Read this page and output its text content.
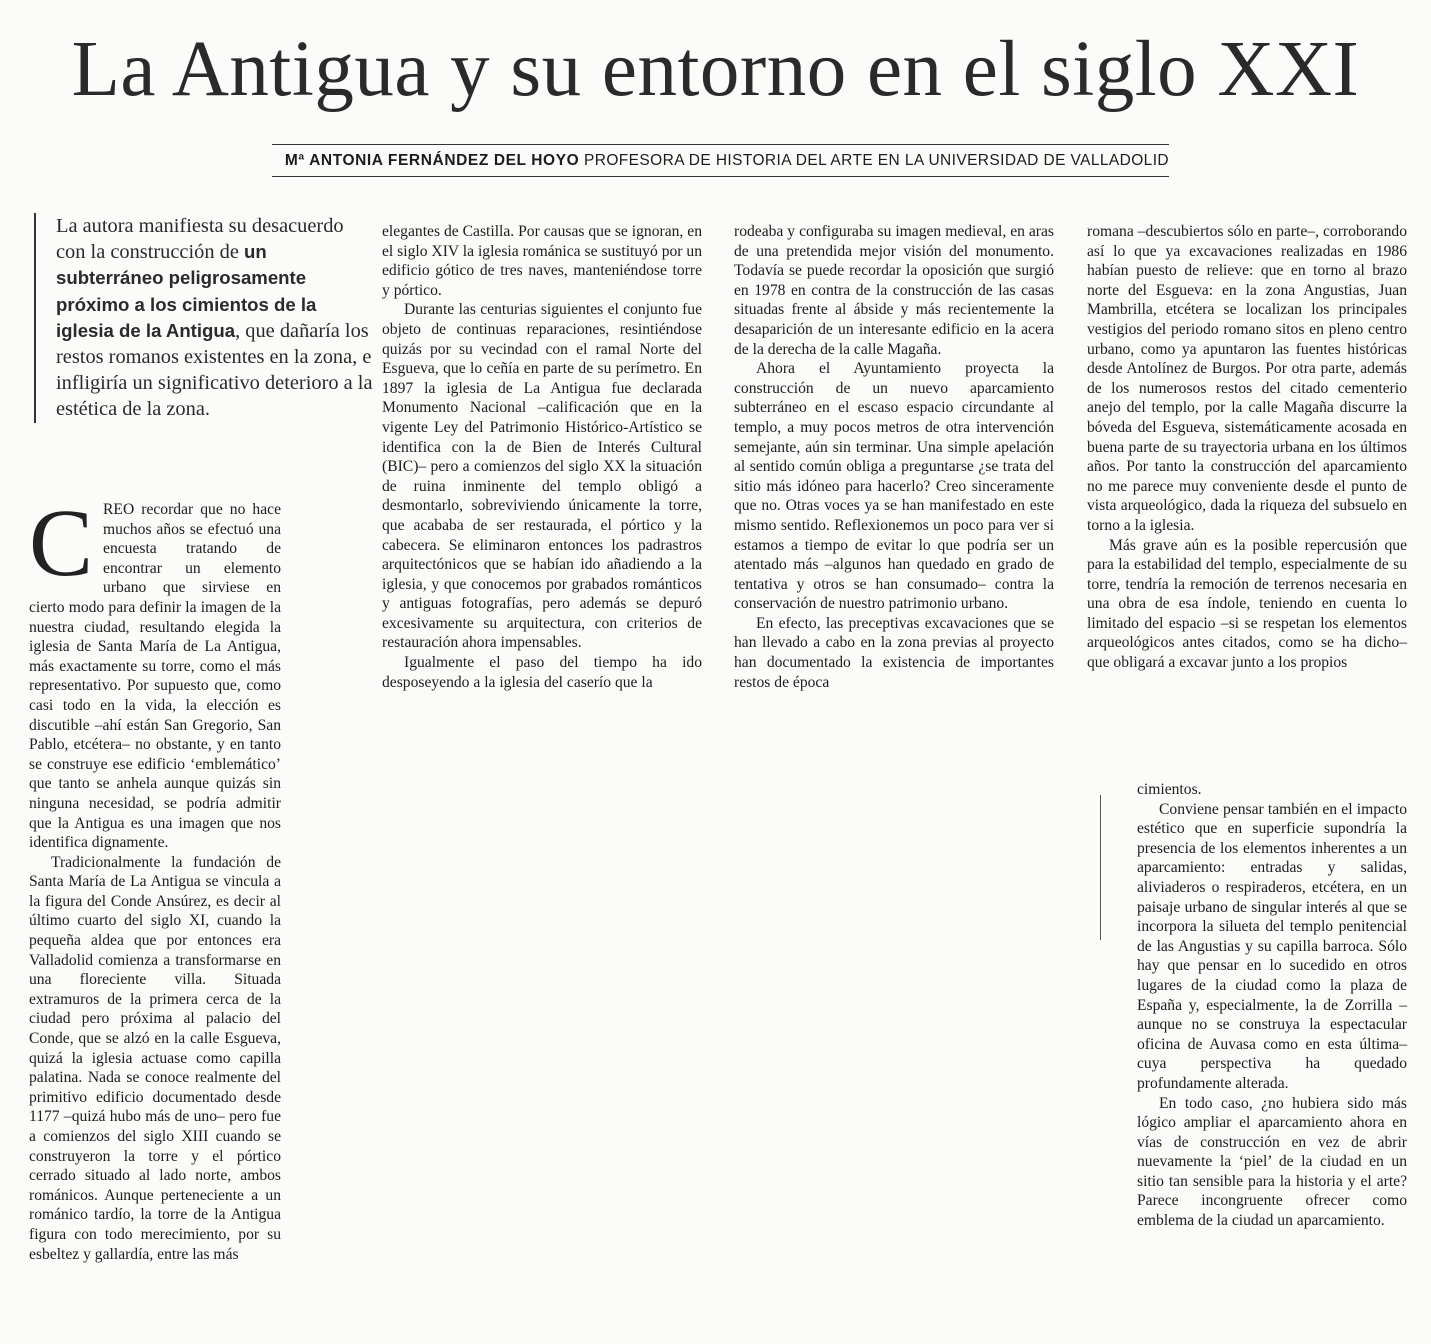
La Antigua y su entorno en el siglo XXI
Mª ANTONIA FERNÁNDEZ DEL HOYO PROFESORA DE HISTORIA DEL ARTE EN LA UNIVERSIDAD DE VALLADOLID
La autora manifiesta su desacuerdo con la construcción de un subterráneo peligrosamente próximo a los cimientos de la iglesia de la Antigua, que dañaría los restos romanos existentes en la zona, e infligiría un significativo deterioro a la estética de la zona.

CREO recordar que no hace muchos años se efectuó una encuesta tratando de encontrar un elemento urbano que sirviese en cierto modo para definir la imagen de la nuestra ciudad, resultando elegida la iglesia de Santa María de La Antigua, más exactamente su torre, como el más representativo. Por supuesto que, como casi todo en la vida, la elección es discutible –ahí están San Gregorio, San Pablo, etcétera– no obstante, y en tanto se construye ese edificio ‘emblemático’ que tanto se anhela aunque quizás sin ninguna necesidad, se podría admitir que la Antigua es una imagen que nos identifica dignamente.

Tradicionalmente la fundación de Santa María de La Antigua se vincula a la figura del Conde Ansúrez, es decir al último cuarto del siglo XI, cuando la pequeña aldea que por entonces era Valladolid comienza a transformarse en una floreciente villa. Situada extramuros de la primera cerca de la ciudad pero próxima al palacio del Conde, que se alzó en la calle Esgueva, quizá la iglesia actuase como capilla palatina. Nada se conoce realmente del primitivo edificio documentado desde 1177 –quizá hubo más de uno– pero fue a comienzos del siglo XIII cuando se construyeron la torre y el pórtico cerrado situado al lado norte, ambos románicos. Aunque perteneciente a un románico tardío, la torre de la Antigua figura con todo merecimiento, por su esbeltez y gallardía, entre las más

elegantes de Castilla. Por causas que se ignoran, en el siglo XIV la iglesia románica se sustituyó por un edificio gótico de tres naves, manteniéndose torre y pórtico.

Durante las centurias siguientes el conjunto fue objeto de continuas reparaciones, resintiéndose quizás por su vecindad con el ramal Norte del Esgueva, que lo ceñía en parte de su perímetro. En 1897 la iglesia de La Antigua fue declarada Monumento Nacional –calificación que en la vigente Ley del Patrimonio Histórico-Artístico se identifica con la de Bien de Interés Cultural (BIC)– pero a comienzos del siglo XX la situación de ruina inminente del templo obligó a desmontarlo, sobreviviendo únicamente la torre, que acababa de ser restaurada, el pórtico y la cabecera. Se eliminaron entonces los padrastros arquitectónicos que se habían ido añadiendo a la iglesia, y que conocemos por grabados románticos y antiguas fotografías, pero además se depuró excesivamente su arquitectura, con criterios de restauración ahora impensables.

Igualmente el paso del tiempo ha ido desposeyendo a la iglesia del caserío que la

rodeaba y configuraba su imagen medieval, en aras de una pretendida mejor visión del monumento. Todavía se puede recordar la oposición que surgió en 1978 en contra de la construcción de las casas situadas frente al ábside y más recientemente la desaparición de un interesante edificio en la acera de la derecha de la calle Magaña.

Ahora el Ayuntamiento proyecta la construcción de un nuevo aparcamiento subterráneo en el escaso espacio circundante al templo, a muy pocos metros de otra intervención semejante, aún sin terminar. Una simple apelación al sentido común obliga a preguntarse ¿se trata del sitio más idóneo para hacerlo? Creo sinceramente que no. Otras voces ya se han manifestado en este mismo sentido. Reflexionemos un poco para ver si estamos a tiempo de evitar lo que podría ser un atentado más –algunos han quedado en grado de tentativa y otros se han consumado– contra la conservación de nuestro patrimonio urbano.

En efecto, las preceptivas excavaciones que se han llevado a cabo en la zona previas al proyecto han documentado la existencia de importantes restos de época

romana –descubiertos sólo en parte–, corroborando así lo que ya excavaciones realizadas en 1986 habían puesto de relieve: que en torno al brazo norte del Esgueva: en la zona Angustias, Juan Mambrilla, etcétera se localizan los principales vestigios del periodo romano sitos en pleno centro urbano, como ya apuntaron las fuentes históricas desde Antolínez de Burgos. Por otra parte, además de los numerosos restos del citado cementerio anejo del templo, por la calle Magaña discurre la bóveda del Esgueva, sistemáticamente acosada en buena parte de su trayectoria urbana en los últimos años. Por tanto la construcción del aparcamiento no me parece muy conveniente desde el punto de vista arqueológico, dada la riqueza del subsuelo en torno a la iglesia.

Más grave aún es la posible repercusión que para la estabilidad del templo, especialmente de su torre, tendría la remoción de terrenos necesaria en una obra de esa índole, teniendo en cuenta lo limitado del espacio –si se respetan los elementos arqueológicos antes citados, como se ha dicho– que obligará a excavar junto a los propios

cimientos.

Conviene pensar también en el impacto estético que en superficie supondría la presencia de los elementos inherentes a un aparcamiento: entradas y salidas, aliviaderos o respiraderos, etcétera, en un paisaje urbano de singular interés al que se incorpora la silueta del templo penitencial de las Angustias y su capilla barroca. Sólo hay que pensar en lo sucedido en otros lugares de la ciudad como la plaza de España y, especialmente, la de Zorrilla –aunque no se construya la espectacular oficina de Auvasa como en esta última– cuya perspectiva ha quedado profundamente alterada.

En todo caso, ¿no hubiera sido más lógico ampliar el aparcamiento ahora en vías de construcción en vez de abrir nuevamente la ‘piel’ de la ciudad en un sitio tan sensible para la historia y el arte? Parece incongruente ofrecer como emblema de la ciudad un aparcamiento.
